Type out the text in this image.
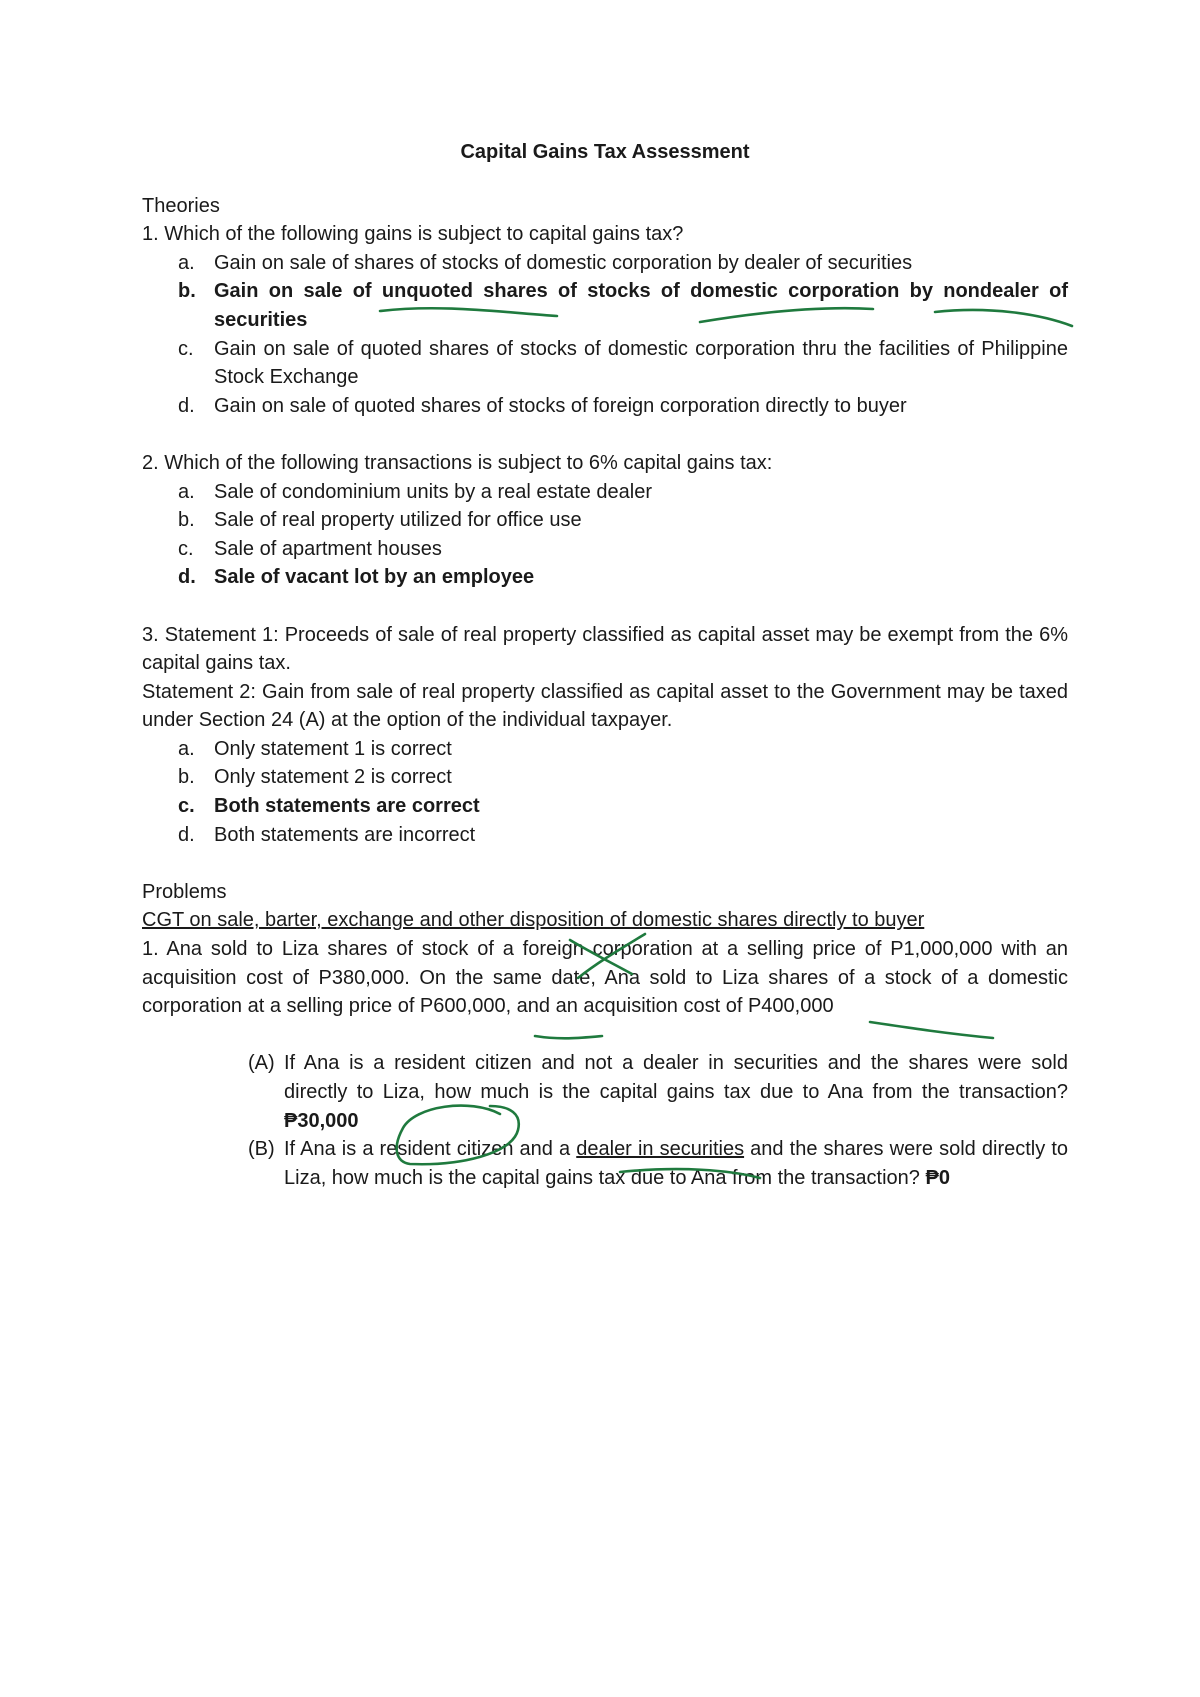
Capital Gains Tax Assessment

Theories

1. Which of the following gains is subject to capital gains tax?

a. Gain on sale of shares of stocks of domestic corporation by dealer of securities
b. Gain on sale of unquoted shares of stocks of domestic corporation by nondealer of securities
c. Gain on sale of quoted shares of stocks of domestic corporation thru the facilities of Philippine Stock Exchange
d. Gain on sale of quoted shares of stocks of foreign corporation directly to buyer

2. Which of the following transactions is subject to 6% capital gains tax:

a. Sale of condominium units by a real estate dealer
b. Sale of real property utilized for office use
c. Sale of apartment houses
d. Sale of vacant lot by an employee

3. Statement 1: Proceeds of sale of real property classified as capital asset may be exempt from the 6% capital gains tax.

Statement 2: Gain from sale of real property classified as capital asset to the Government may be taxed under Section 24 (A) at the option of the individual taxpayer.

a. Only statement 1 is correct
b. Only statement 2 is correct
c. Both statements are correct
d. Both statements are incorrect

Problems

CGT on sale, barter, exchange and other disposition of domestic shares directly to buyer

1. Ana sold to Liza shares of stock of a foreign corporation at a selling price of P1,000,000 with an acquisition cost of P380,000. On the same date, Ana sold to Liza shares of a stock of a domestic corporation at a selling price of P600,000, and an acquisition cost of P400,000

(A) If Ana is a resident citizen and not a dealer in securities and the shares were sold directly to Liza, how much is the capital gains tax due to Ana from the transaction? ₱30,000
(B) If Ana is a resident citizen and a dealer in securities and the shares were sold directly to Liza, how much is the capital gains tax due to Ana from the transaction? ₱0
